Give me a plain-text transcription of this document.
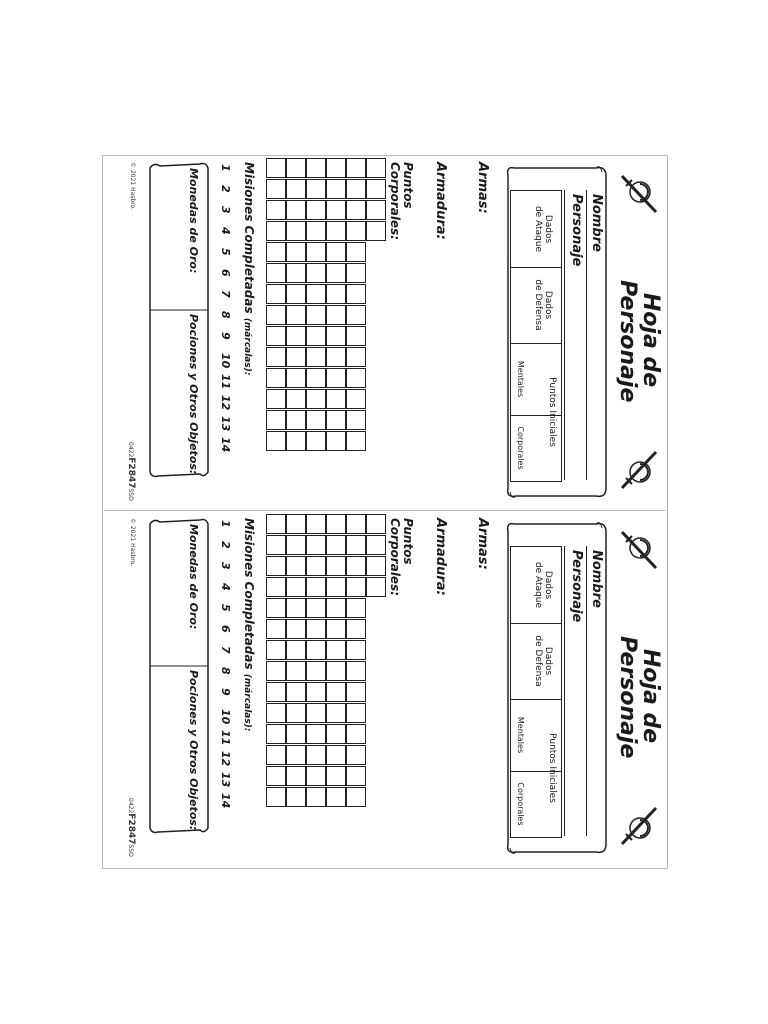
Hoja de
Personaje
Nombre
Personaje
Dados
de Ataque
Dados
de Defensa
Mentales
Corporales
Puntos Iniciales
Armas:
Armadura:
Puntos
Corporales:
Misiones Completadas (márcalas):
1
2
3
4
5
6
7
8
9
10
11
12
13
14
Monedas de Oro:
Pociones y Otros Objetos:
© 2021 Hasbro.
0422F2847SSO
Hoja de
Personaje
Nombre
Personaje
Dados
de Ataque
Dados
de Defensa
Mentales
Corporales
Puntos Iniciales
Armas:
Armadura:
Puntos
Corporales:
Misiones Completadas (márcalas):
1
2
3
4
5
6
7
8
9
10
11
12
13
14
Monedas de Oro:
Pociones y Otros Objetos:
© 2021 Hasbro.
0422F2847SSO
